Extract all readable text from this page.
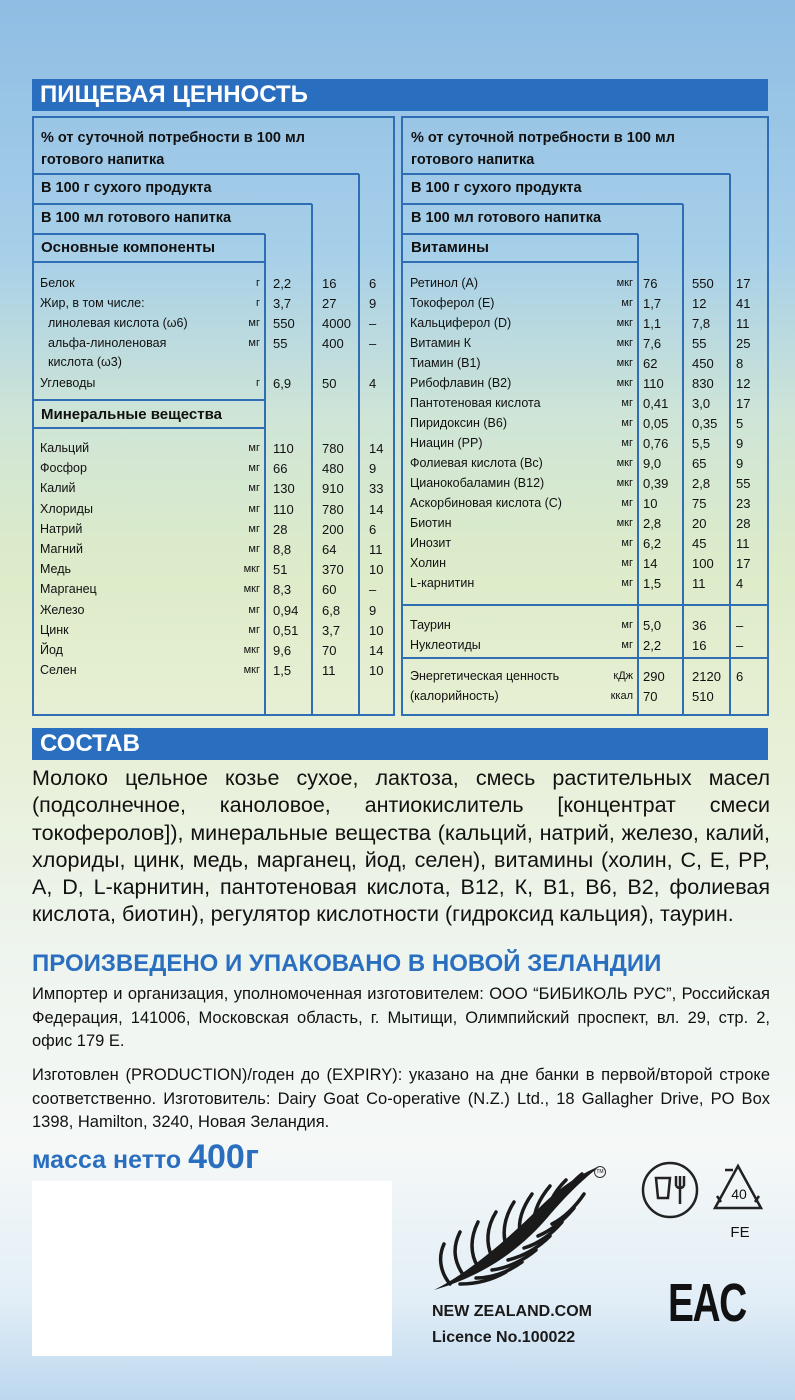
ПИЩЕВАЯ ЦЕННОСТЬ
% от суточной потребности в 100 мл готового напитка
В 100 г сухого продукта
В 100 мл готового напитка
Основные компоненты
Минеральные вещества
% от суточной потребности в 100 мл готового напитка
В 100 г сухого продукта
В 100 мл готового напитка
Витамины
Белок	г 2,2 16	6
Жир, в том числе:	г 3,7 27	9
линолевая кислота (ω6)	мг 550 4000 –
альфа-линоленовая	мг 55	400 –
кислота (ω3)
Углеводы	г 6,9 50	4
Кальций	мг 110 780 14
Фосфор	мг 66	480 9
Калий	мг 130 910 33
Хлориды	мг 110 780 14
Натрий	мг 28	200 6
Магний	мг 8,8 64	11
Медь	мкг 51	370 10
Марганец	мкг 8,3 60	–
Железо	мг 0,94 6,8 9
Цинк	мг 0,51 3,7 10
Йод	мкг 9,6 70	14
Селен	мкг 1,5 11	10
Ретинол (А)	мкг 76	550 17
Токоферол (Е)	мг 1,7 12 41
Кальциферол (D)	мкг 1,1 7,8 11
Витамин К	мкг 7,6 55 25
Тиамин (B1)	мкг 62	450 8
Рибофлавин (B2)	мкг 110 830 12
Пантотеновая кислота	мг 0,41 3,0 17
Пиридоксин (B6)	мг 0,05 0,35 5
Ниацин (PP)	мг 0,76 5,5 9
Фолиевая кислота (Вс)	мкг 9,0 65 9
Цианокобаламин (B12)	мкг 0,39 2,8 55
Аскорбиновая кислота (С)	мг 10	75 23
Биотин	мкг 2,8 20 28
Инозит	мг 6,2 45 11
Холин	мг 14	100 17
L-карнитин	мг 1,5 11 4
Таурин	мг 5,0 36 –
Нуклеотиды	мг 2,2 16 –
Энергетическая ценность	кДж 290 2120 6
(калорийность)	ккал 70	510
СОСТАВ
Молоко цельное козье сухое, лактоза, смесь растительных масел (подсолнечное, каноловое, антиокислитель [концентрат смеси токоферолов]), минеральные вещества (кальций, натрий, железо, калий, хлориды, цинк, медь, марганец, йод, селен), витамины (холин, С, Е, PP, А, D, L-карнитин, пантотеновая кислота, B12, К, B1, B6, B2, фолиевая кислота, биотин), регулятор кислотности (гидроксид кальция), таурин.
ПРОИЗВЕДЕНО И УПАКОВАНО В НОВОЙ ЗЕЛАНДИИ
Импортер и организация, уполномоченная изготовителем: ООО “БИБИКОЛЬ РУС”, Российская Федерация, 141006, Московская область, г. Мытищи, Олимпийский проспект, вл. 29, стр. 2, офис 179 Е.
Изготовлен (PRODUCTION)/годен до (EXPIRY): указано на дне банки в первой/второй строке соответственно. Изготовитель: Dairy Goat Co-operative (N.Z.) Ltd., 18 Gallagher Drive, PO Box 1398, Hamilton, 3240, Новая Зеландия.
масса нетто 400г	TM
NEW ZEALAND.COM
Licence No.100022
40
FE
EAC
